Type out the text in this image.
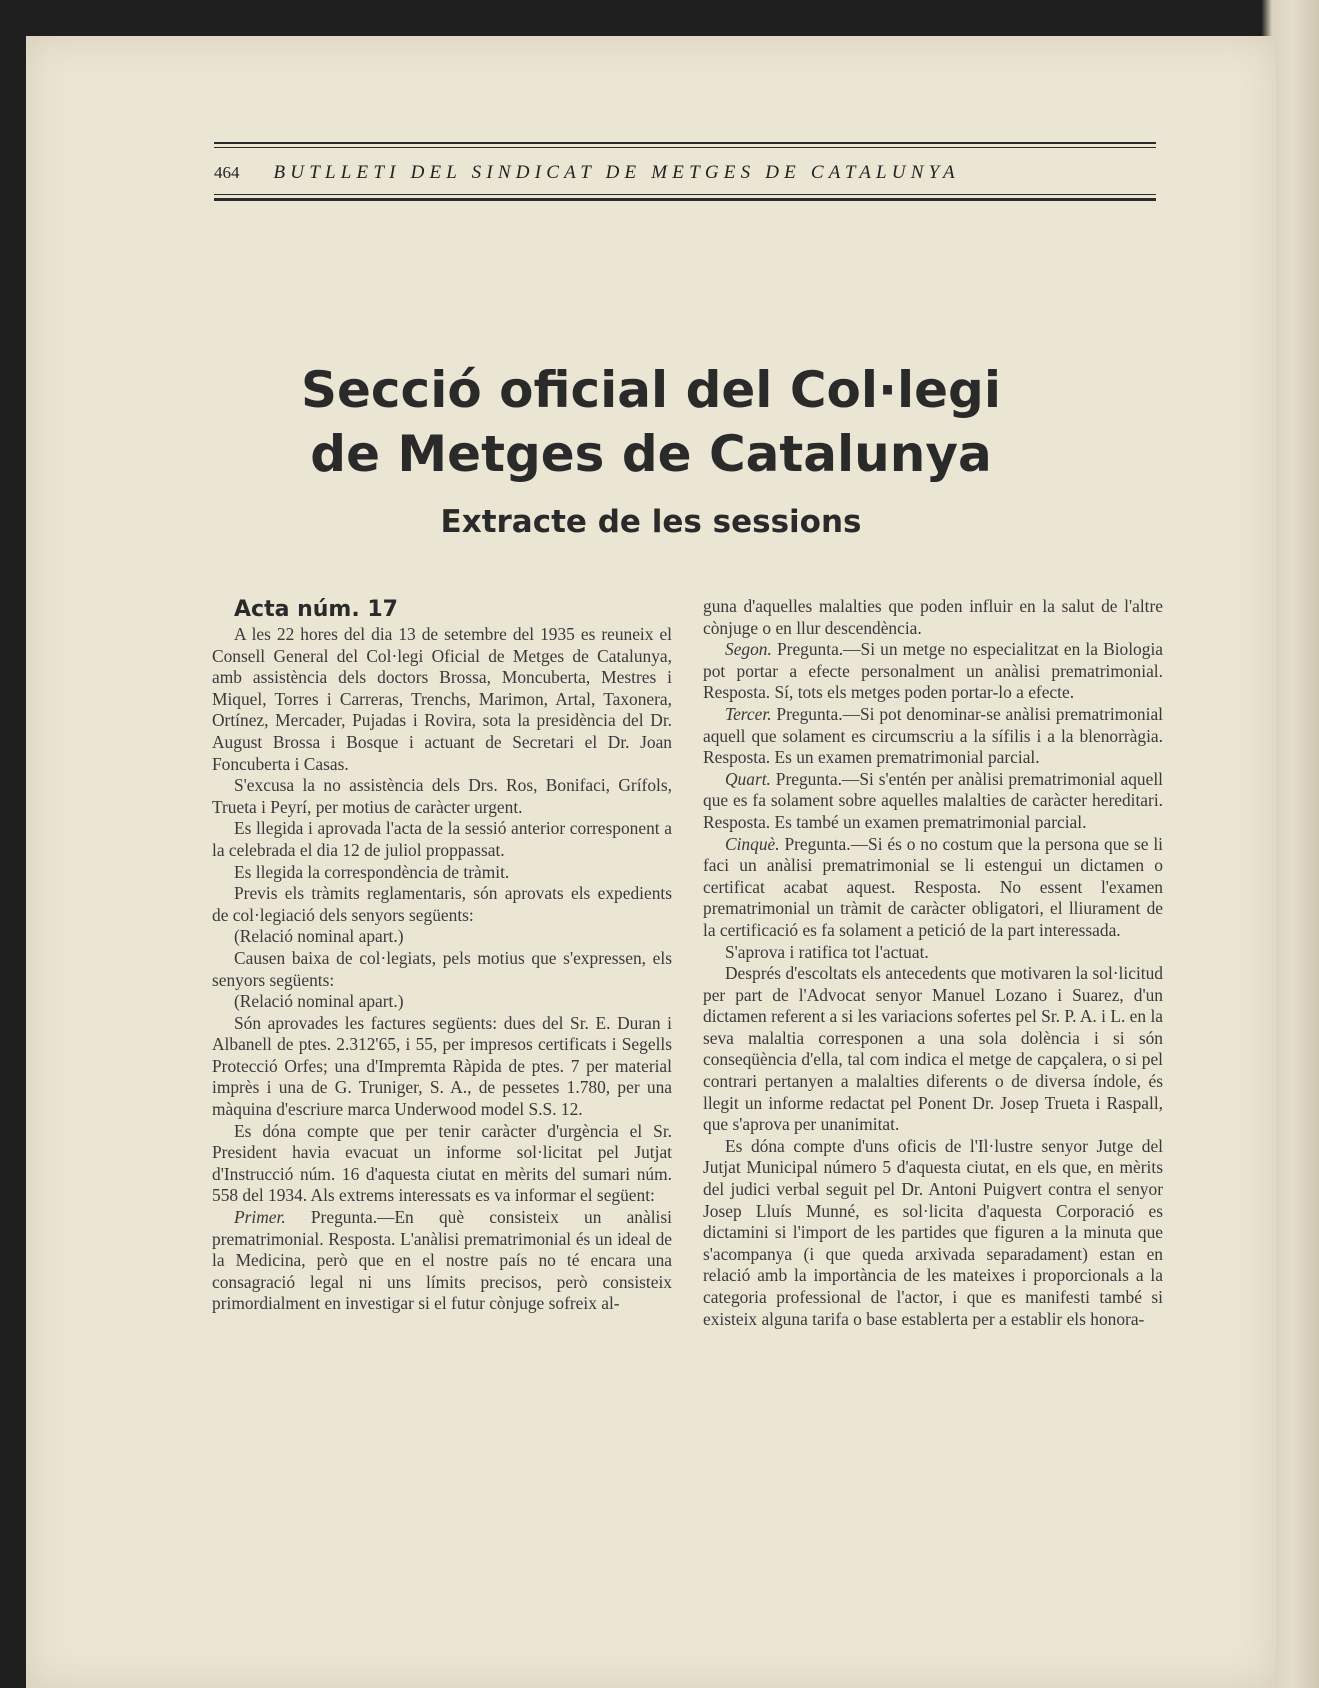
464 BUTLLETI DEL SINDICAT DE METGES DE CATALUNYA
Secció oficial del Col·legi
de Metges de Catalunya
Extracte de les sessions

Acta núm. 17

A les 22 hores del dia 13 de setembre del 1935 es reuneix el Consell General del Col·legi Oficial de Metges de Catalunya, amb assistència dels doctors Brossa, Moncuberta, Mestres i Miquel, Torres i Carreras, Trenchs, Marimon, Artal, Taxonera, Ortínez, Mercader, Pujadas i Rovira, sota la presidència del Dr. August Brossa i Bosque i actuant de Secretari el Dr. Joan Foncuberta i Casas.

S'excusa la no assistència dels Drs. Ros, Bonifaci, Grífols, Trueta i Peyrí, per motius de caràcter urgent.

Es llegida i aprovada l'acta de la sessió anterior corresponent a la celebrada el dia 12 de juliol proppassat.

Es llegida la correspondència de tràmit.

Previs els tràmits reglamentaris, són aprovats els expedients de col·legiació dels senyors següents:

(Relació nominal apart.)

Causen baixa de col·legiats, pels motius que s'expressen, els senyors següents:

(Relació nominal apart.)

Són aprovades les factures següents: dues del Sr. E. Duran i Albanell de ptes. 2.312'65, i 55, per impresos certificats i Segells Protecció Orfes; una d'Impremta Ràpida de ptes. 7 per material imprès i una de G. Truniger, S. A., de pessetes 1.780, per una màquina d'escriure marca Underwood model S.S. 12.

Es dóna compte que per tenir caràcter d'urgència el Sr. President havia evacuat un informe sol·licitat pel Jutjat d'Instrucció núm. 16 d'aquesta ciutat en mèrits del sumari núm. 558 del 1934. Als extrems interessats es va informar el següent:

Primer. Pregunta.—En què consisteix un anàlisi prematrimonial. Resposta. L'anàlisi prematrimonial és un ideal de la Medicina, però que en el nostre país no té encara una consagració legal ni uns límits precisos, però consisteix primordialment en investigar si el futur cònjuge sofreix al-

guna d'aquelles malalties que poden influir en la salut de l'altre cònjuge o en llur descendència.

Segon. Pregunta.—Si un metge no especialitzat en la Biologia pot portar a efecte personalment un anàlisi prematrimonial. Resposta. Sí, tots els metges poden portar-lo a efecte.

Tercer. Pregunta.—Si pot denominar-se anàlisi prematrimonial aquell que solament es circumscriu a la sífilis i a la blenorràgia. Resposta. Es un examen prematrimonial parcial.

Quart. Pregunta.—Si s'entén per anàlisi prematrimonial aquell que es fa solament sobre aquelles malalties de caràcter hereditari. Resposta. Es també un examen prematrimonial parcial.

Cinquè. Pregunta.—Si és o no costum que la persona que se li faci un anàlisi prematrimonial se li estengui un dictamen o certificat acabat aquest. Resposta. No essent l'examen prematrimonial un tràmit de caràcter obligatori, el lliurament de la certificació es fa solament a petició de la part interessada.

S'aprova i ratifica tot l'actuat.

Després d'escoltats els antecedents que motivaren la sol·licitud per part de l'Advocat senyor Manuel Lozano i Suarez, d'un dictamen referent a si les variacions sofertes pel Sr. P. A. i L. en la seva malaltia corresponen a una sola dolència i si són conseqüència d'ella, tal com indica el metge de capçalera, o si pel contrari pertanyen a malalties diferents o de diversa índole, és llegit un informe redactat pel Ponent Dr. Josep Trueta i Raspall, que s'aprova per unanimitat.

Es dóna compte d'uns oficis de l'Il·lustre senyor Jutge del Jutjat Municipal número 5 d'aquesta ciutat, en els que, en mèrits del judici verbal seguit pel Dr. Antoni Puigvert contra el senyor Josep Lluís Munné, es sol·licita d'aquesta Corporació es dictamini si l'import de les partides que figuren a la minuta que s'acompanya (i que queda arxivada separadament) estan en relació amb la importància de les mateixes i proporcionals a la categoria professional de l'actor, i que es manifesti també si existeix alguna tarifa o base establerta per a establir els honora-
